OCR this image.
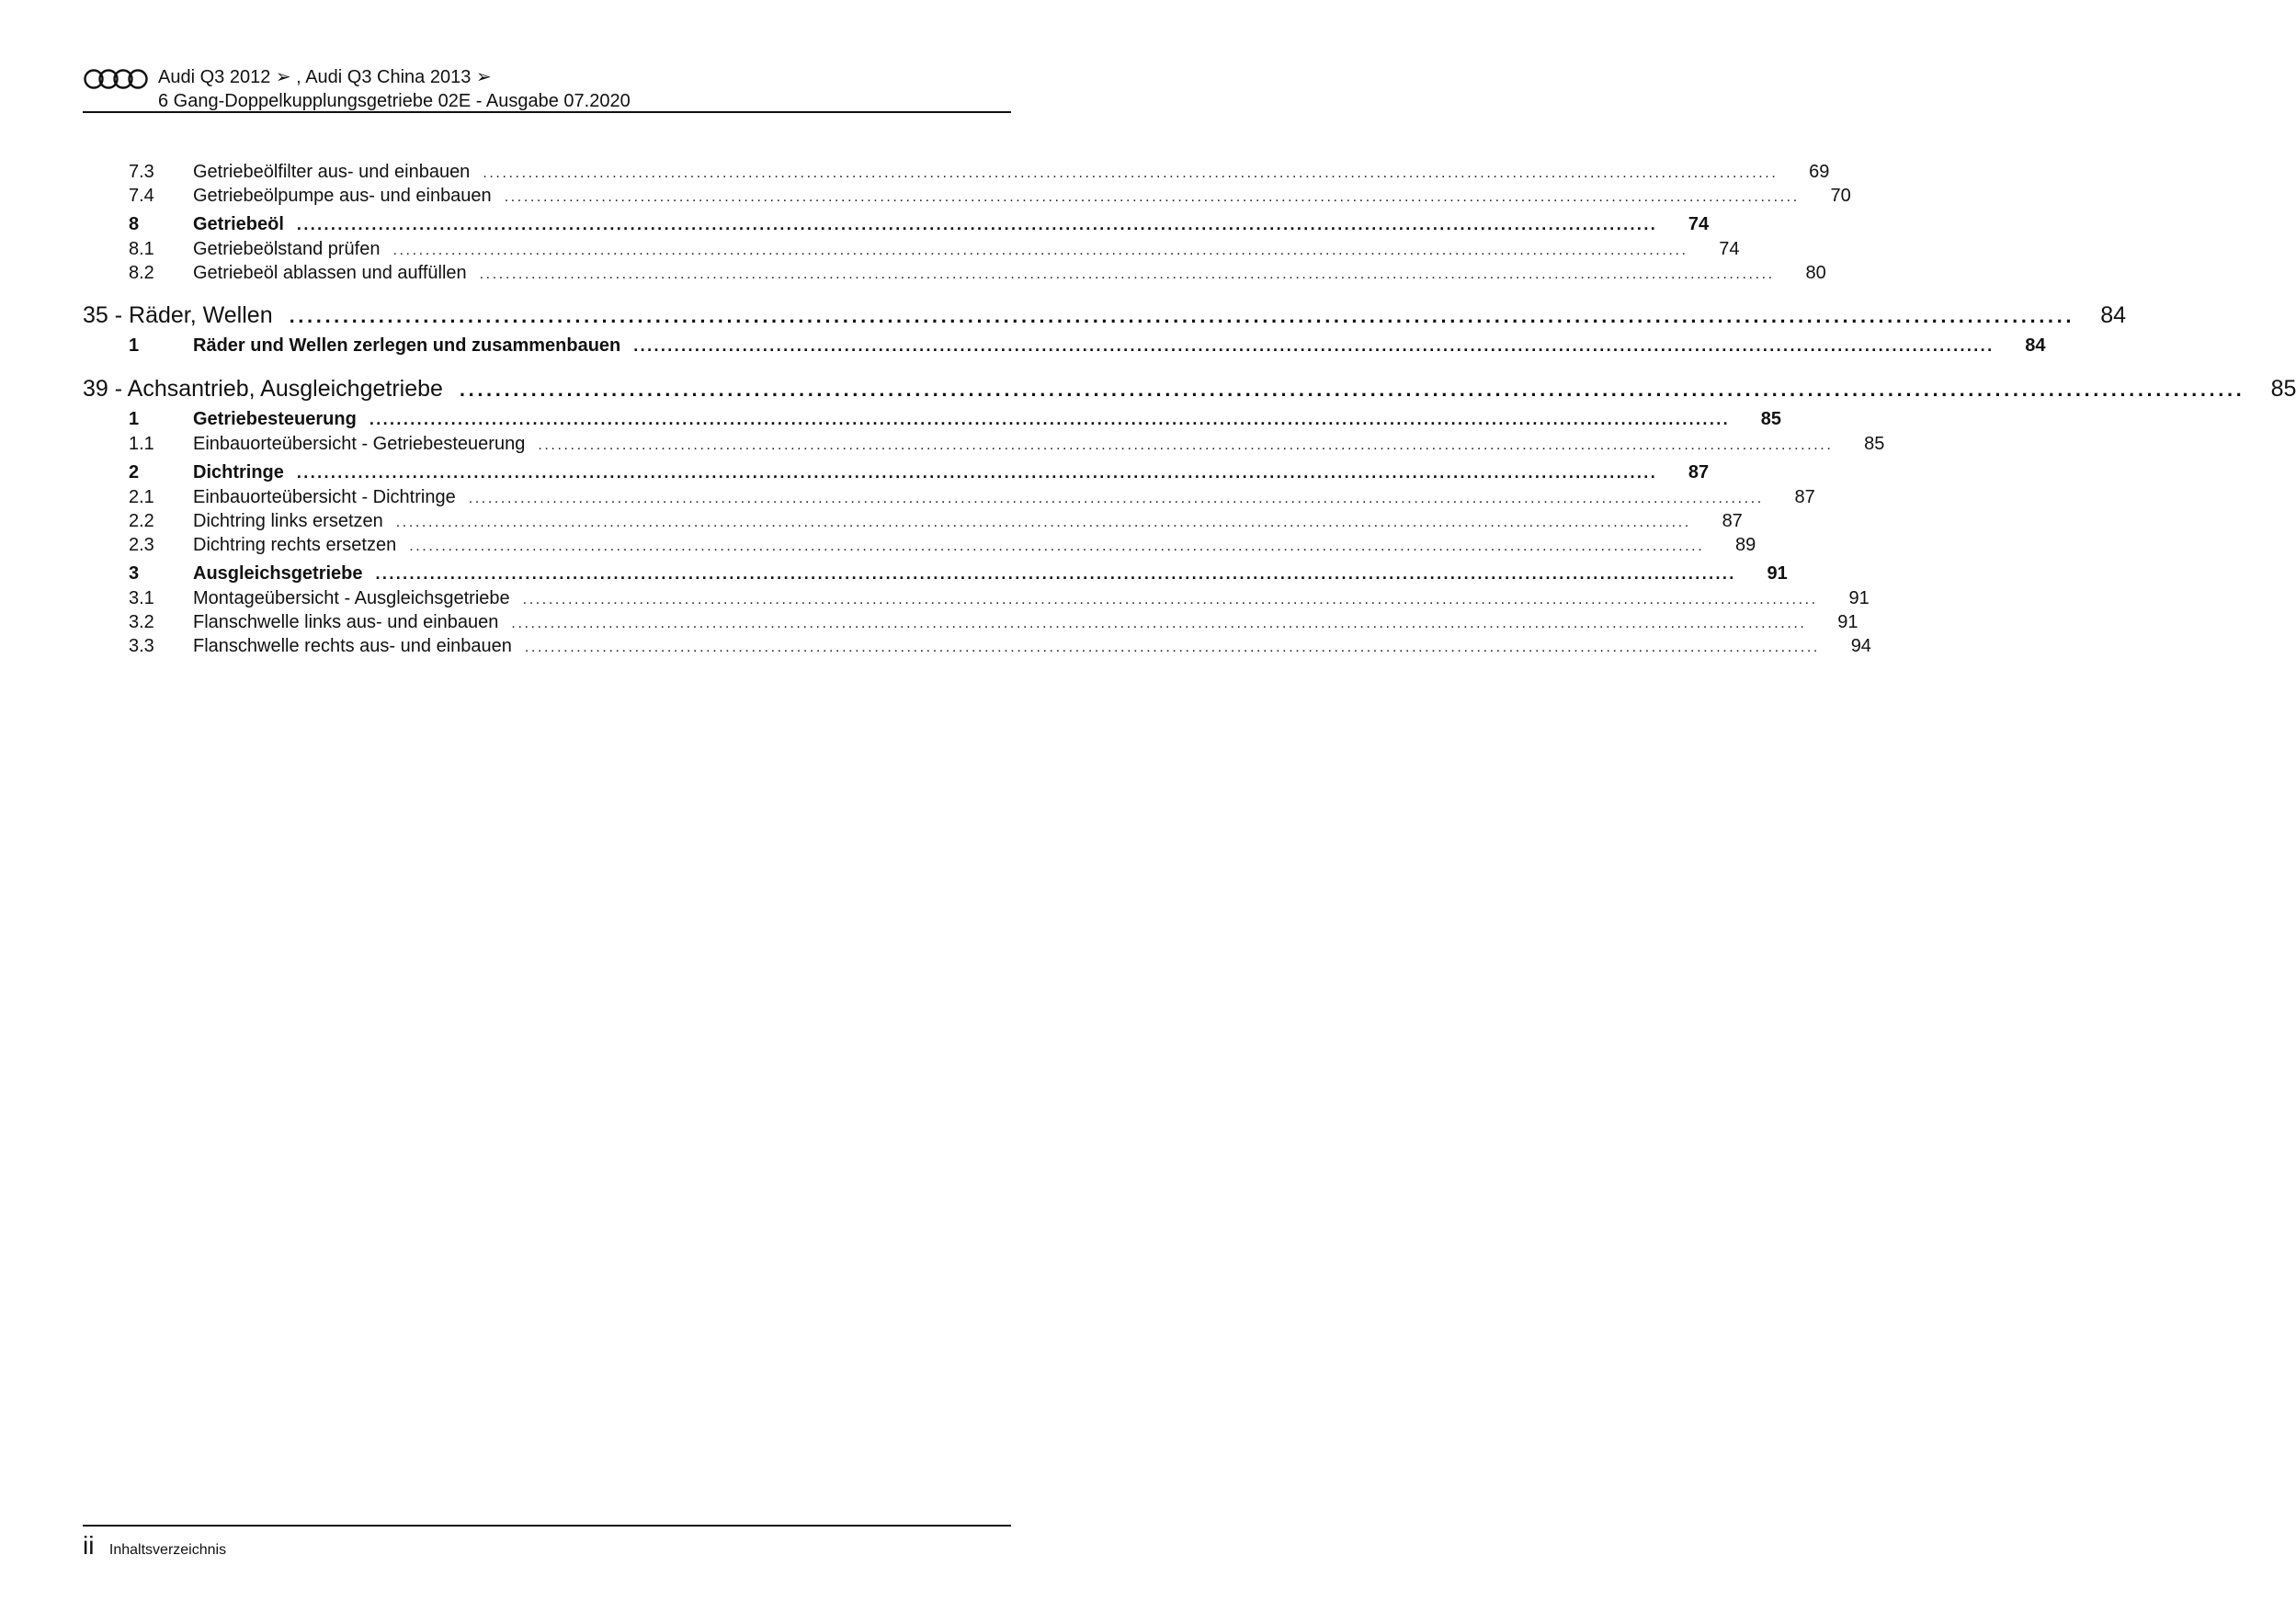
Audi Q3 2012 ➢ , Audi Q3 China 2013 ➢
6 Gang-Doppelkupplungsgetriebe 02E - Ausgabe 07.2020
7.3	Getriebeölfilter aus- und einbauen ........................................................................................................................................................................................................	69
7.4	Getriebeölpumpe aus- und einbauen ........................................................................................................................................................................................................	70
8	Getriebeöl ........................................................................................................................................................................................................	74
8.1	Getriebeölstand prüfen ........................................................................................................................................................................................................	74
8.2	Getriebeöl ablassen und auffüllen ........................................................................................................................................................................................................	80
35 - Räder, Wellen ........................................................................................................................................................................................................	84
1	Räder und Wellen zerlegen und zusammenbauen ........................................................................................................................................................................................................	84
39 - Achsantrieb, Ausgleichgetriebe ........................................................................................................................................................................................................	85
1	Getriebesteuerung ........................................................................................................................................................................................................	85
1.1	Einbauorteübersicht - Getriebesteuerung ........................................................................................................................................................................................................	85
2	Dichtringe ........................................................................................................................................................................................................	87
2.1	Einbauorteübersicht - Dichtringe ........................................................................................................................................................................................................	87
2.2	Dichtring links ersetzen ........................................................................................................................................................................................................	87
2.3	Dichtring rechts ersetzen ........................................................................................................................................................................................................	89
3	Ausgleichsgetriebe ........................................................................................................................................................................................................	91
3.1	Montageübersicht - Ausgleichsgetriebe ........................................................................................................................................................................................................	91
3.2	Flanschwelle links aus- und einbauen ........................................................................................................................................................................................................	91
3.3	Flanschwelle rechts aus- und einbauen ........................................................................................................................................................................................................	94
ii Inhaltsverzeichnis
